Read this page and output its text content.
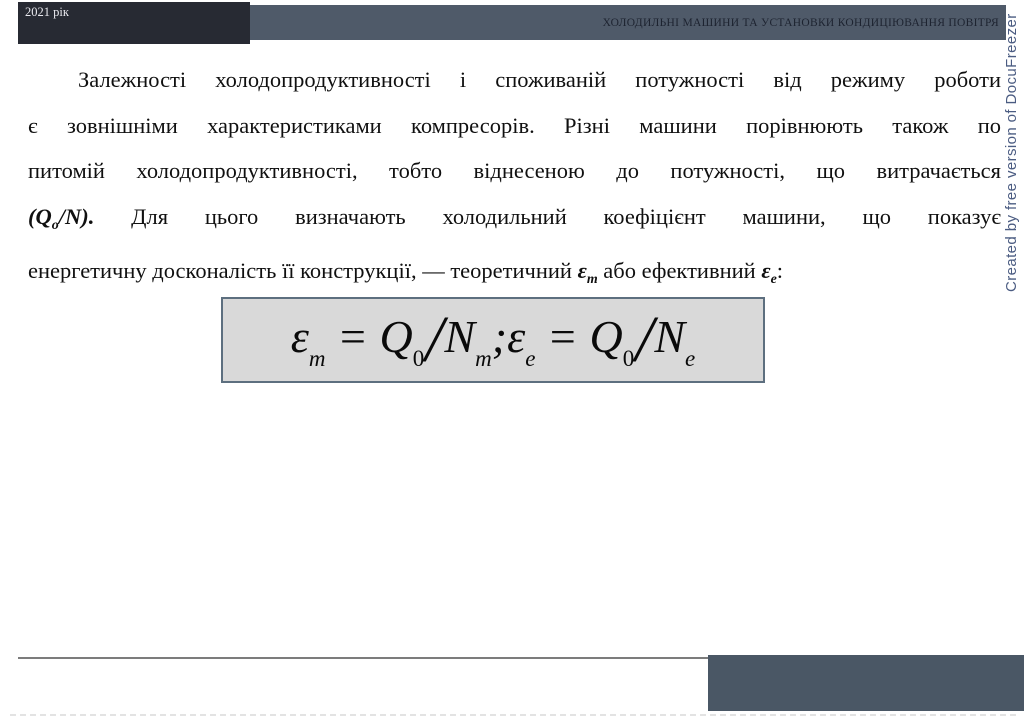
2021 рік
ХОЛОДИЛЬНІ МАШИНИ ТА УСТАНОВКИ КОНДИЦІЮВАННЯ ПОВІТРЯ Created by free version of DocuFreezer
Залежності холодопродуктивності і споживаній потужності від режиму роботи
є зовнішніми характеристиками компресорів. Різні машини порівнюють також по
питомій холодопродуктивності, тобто віднесеною до потужності, що витрачається
$(Q_o/N)$. Для цього визначають холодильний коефіцієнт машини, що показує
енергетичну досконалість її конструкції, — теоретичний $\varepsilon_m$ або ефективний $\varepsilon_e$:
$\varepsilon_m$ = $Q_0/N_m;\varepsilon_e = Q_0/N_e$
